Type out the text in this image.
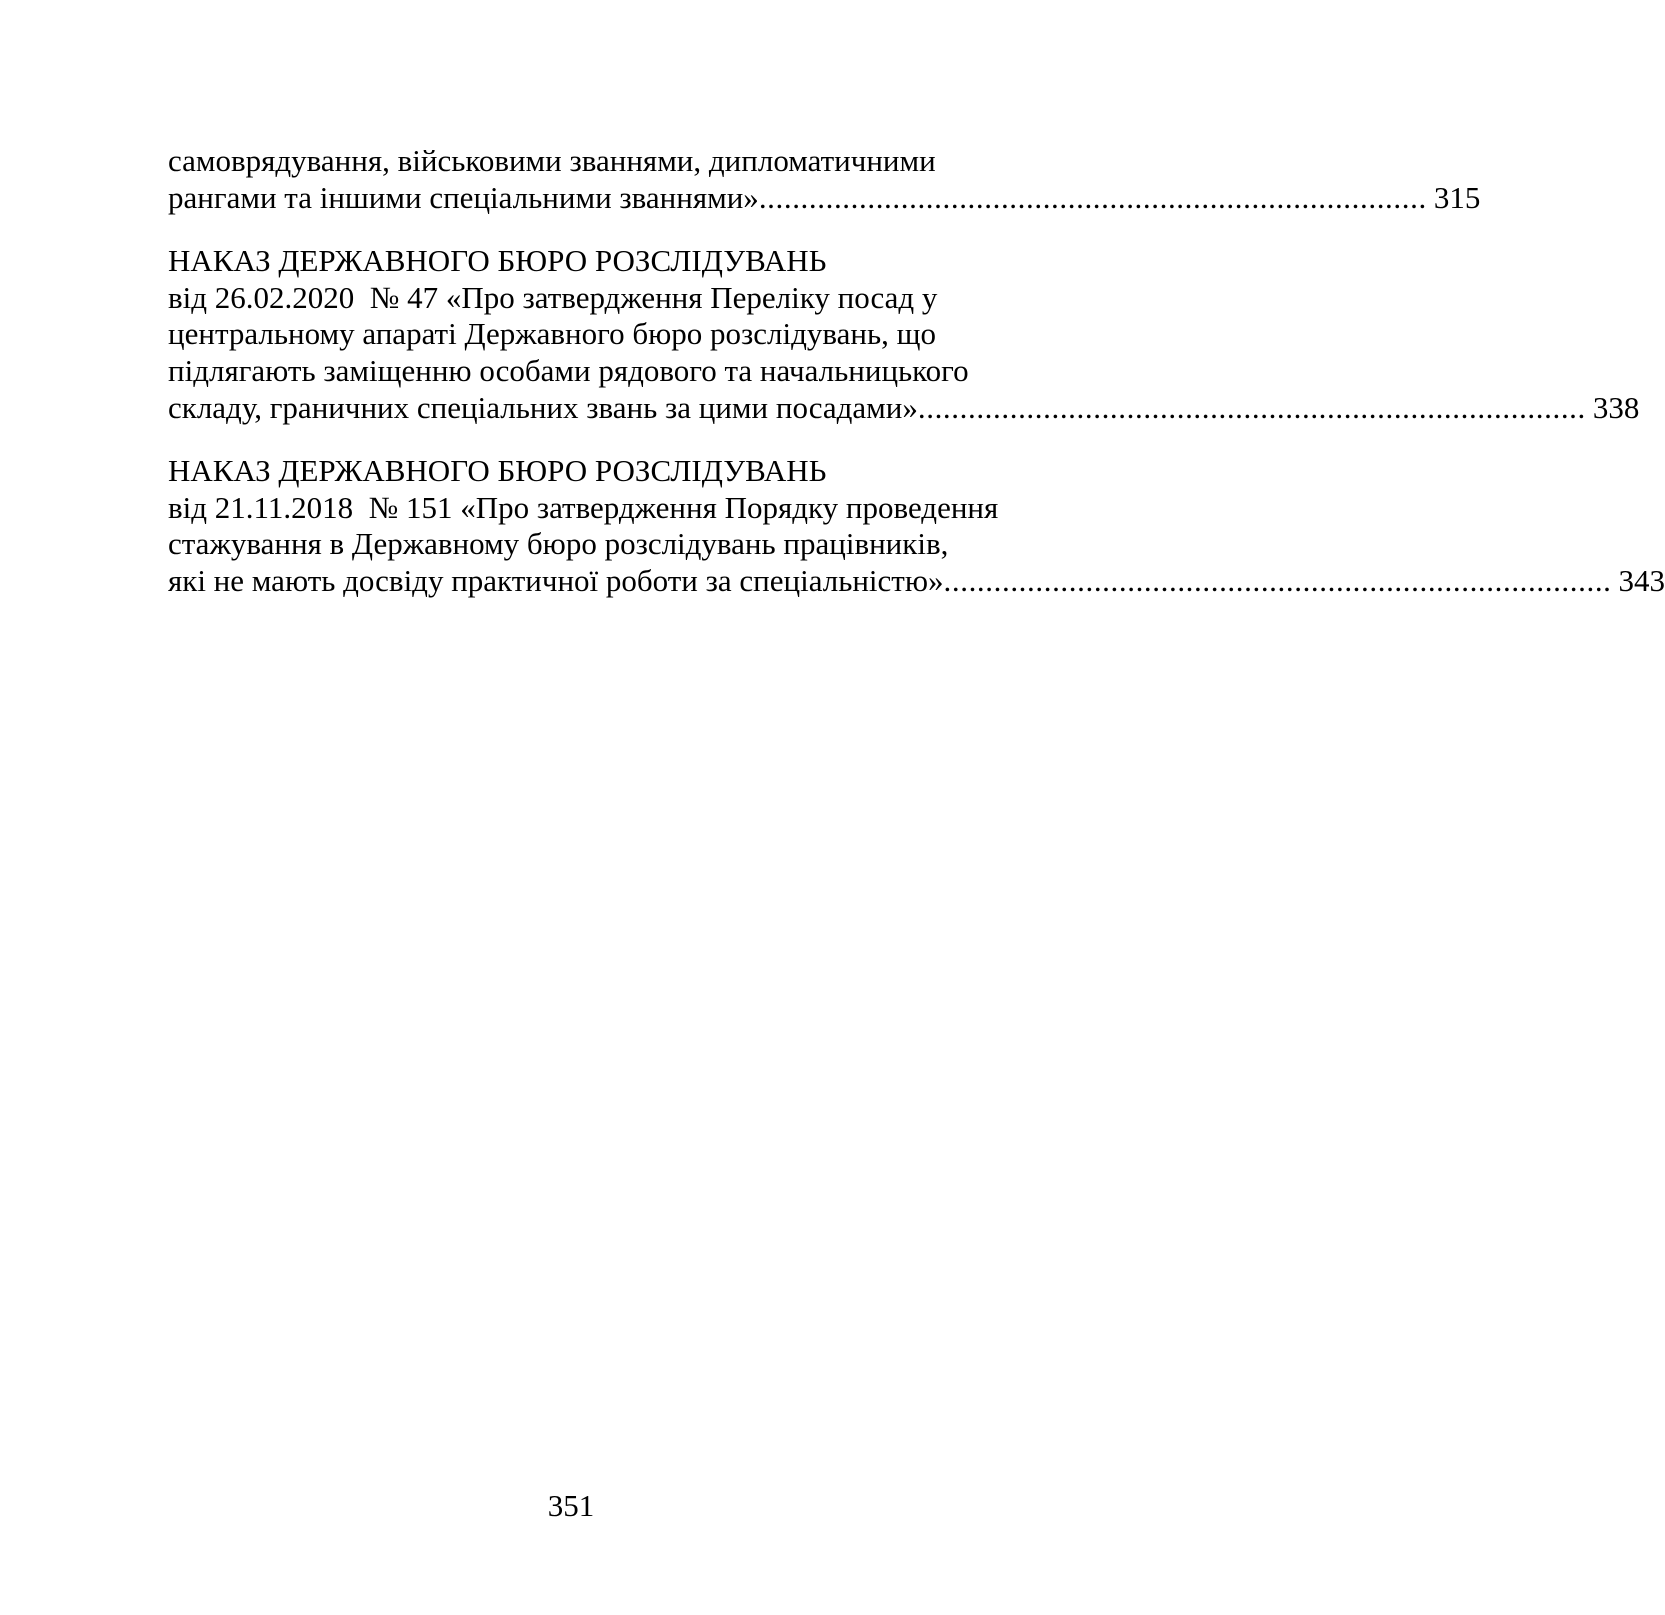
самоврядування, військовими званнями, дипломатичними
рангами та іншими спеціальними званнями» ................................................................................ 315
НАКАЗ ДЕРЖАВНОГО БЮРО РОЗСЛІДУВАНЬ
від 26.02.2020  № 47 «Про затвердження Переліку посад у
центральному апараті Державного бюро розслідувань, що
підлягають заміщенню особами рядового та начальницького
складу, граничних спеціальних звань за цими посадами» ................................................................................ 338
НАКАЗ ДЕРЖАВНОГО БЮРО РОЗСЛІДУВАНЬ
від 21.11.2018  № 151 «Про затвердження Порядку проведення
стажування в Державному бюро розслідувань працівників,
які не мають досвіду практичної роботи за спеціальністю» ................................................................................ 343
351
